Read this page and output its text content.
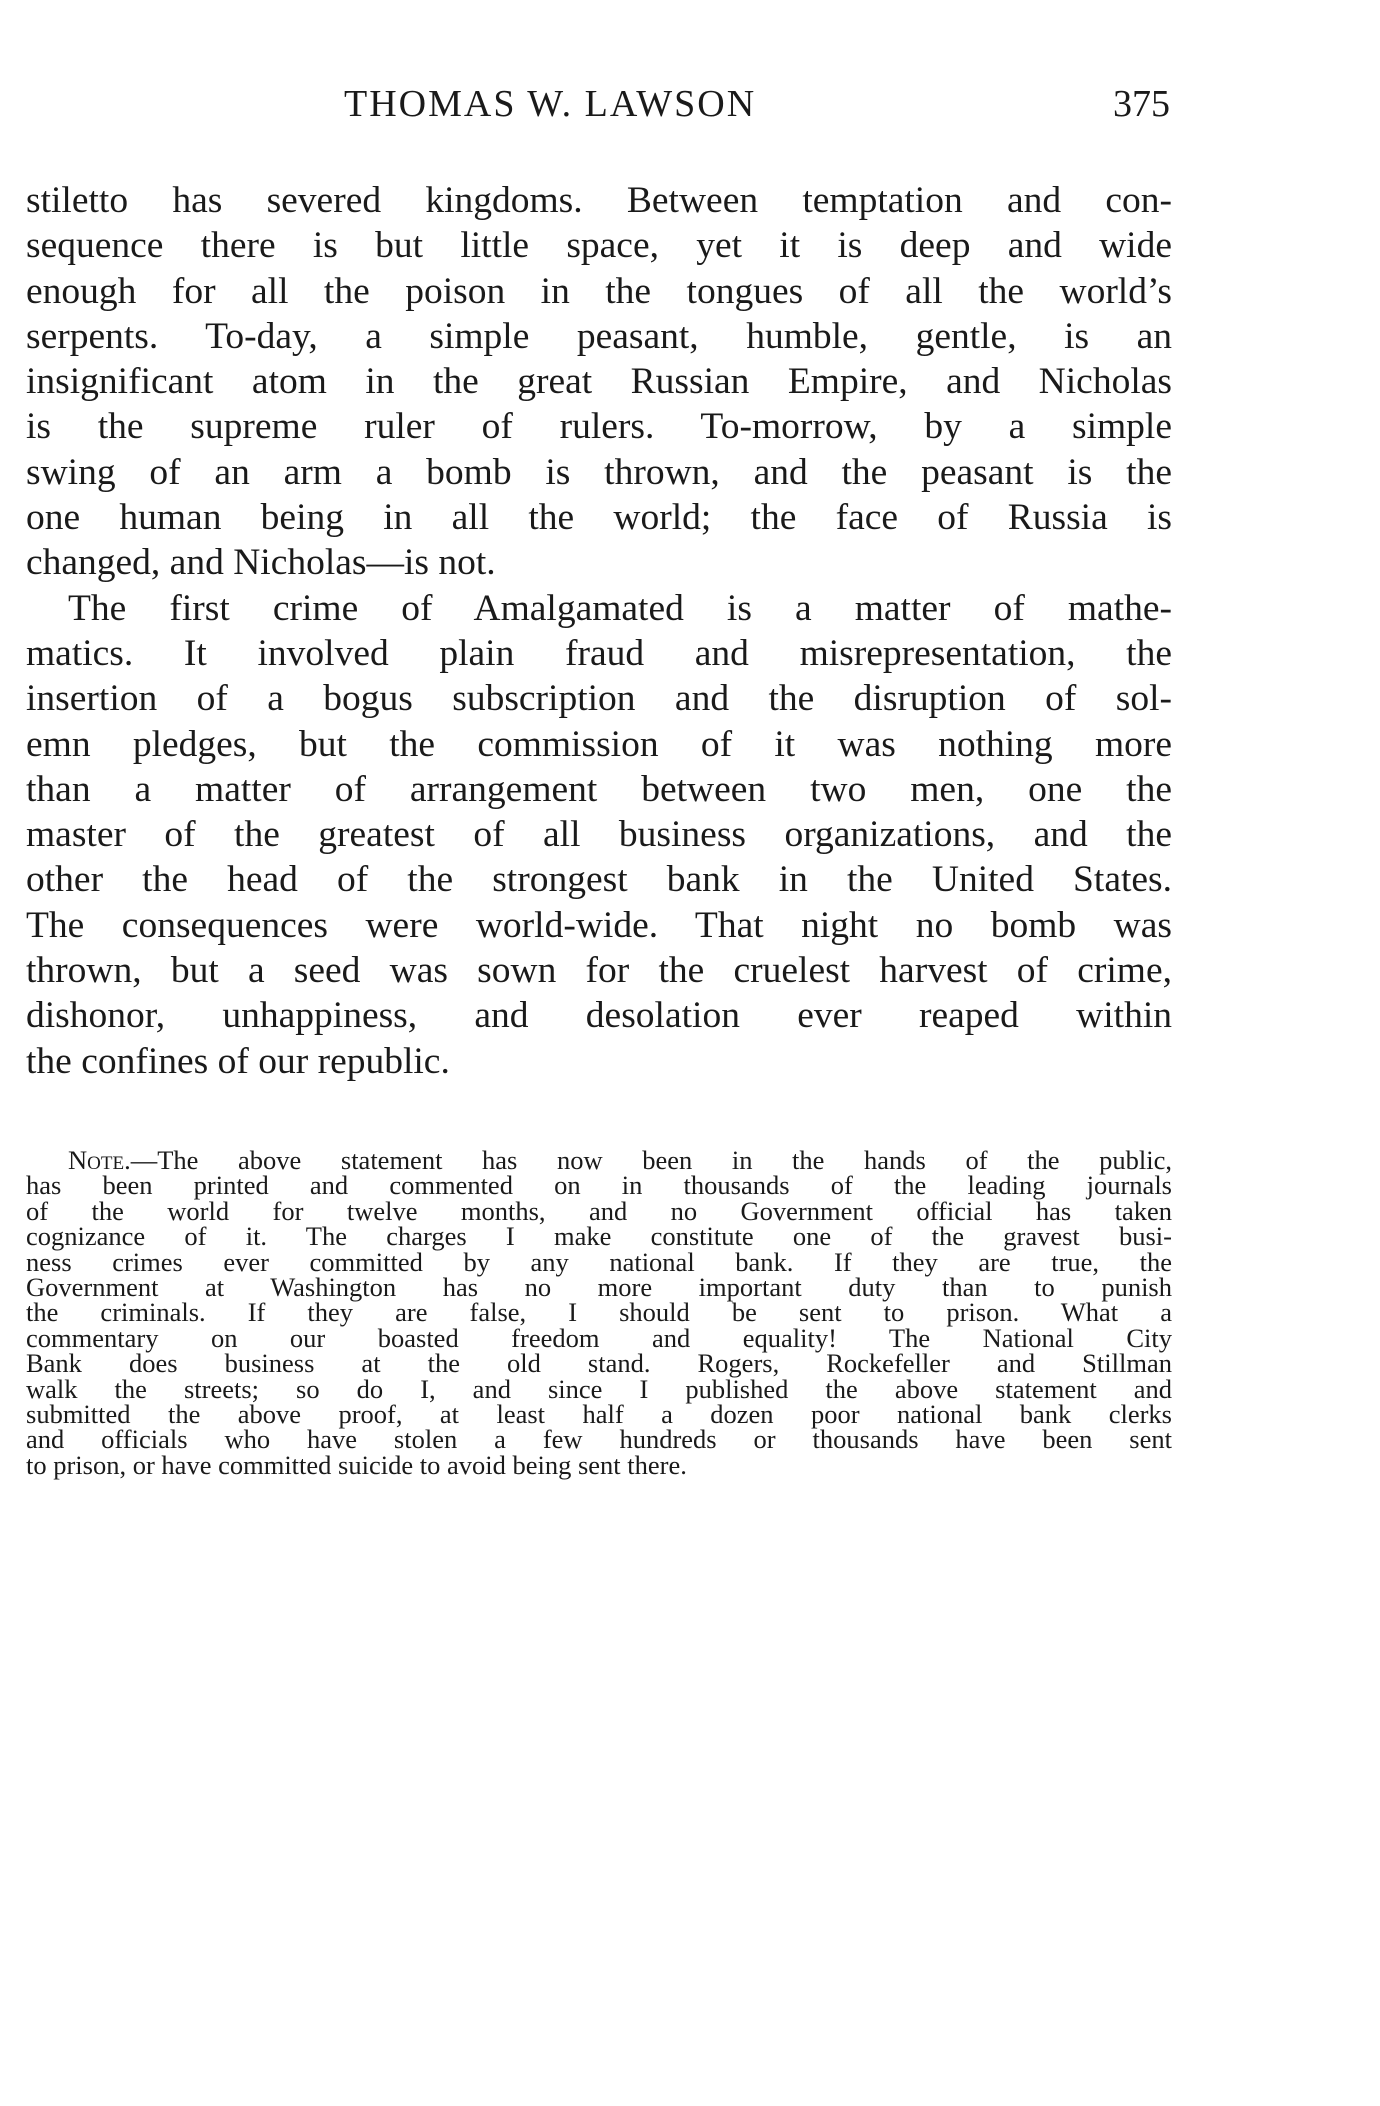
THOMAS W. LAWSON	375
stiletto has severed kingdoms. Between temptation and con-
sequence there is but little space, yet it is deep and wide
enough for all the poison in the tongues of all the world’s
serpents. To-day, a simple peasant, humble, gentle, is an
insignificant atom in the great Russian Empire, and Nicholas
is the supreme ruler of rulers. To-morrow, by a simple
swing of an arm a bomb is thrown, and the peasant is the
one human being in all the world; the face of Russia is
changed, and Nicholas—is not.
The first crime of Amalgamated is a matter of mathe-
matics. It involved plain fraud and misrepresentation, the
insertion of a bogus subscription and the disruption of sol-
emn pledges, but the commission of it was nothing more
than a matter of arrangement between two men, one the
master of the greatest of all business organizations, and the
other the head of the strongest bank in the United States.
The consequences were world-wide. That night no bomb was
thrown, but a seed was sown for the cruelest harvest of crime,
dishonor, unhappiness, and desolation ever reaped within
the confines of our republic.
Note.—The above statement has now been in the hands of the public,
has been printed and commented on in thousands of the leading journals
of the world for twelve months, and no Government official has taken
cognizance of it. The charges I make constitute one of the gravest busi-
ness crimes ever committed by any national bank. If they are true, the
Government at Washington has no more important duty than to punish
the criminals. If they are false, I should be sent to prison. What a
commentary on our boasted freedom and equality! The National City
Bank does business at the old stand. Rogers, Rockefeller and Stillman
walk the streets; so do I, and since I published the above statement and
submitted the above proof, at least half a dozen poor national bank clerks
and officials who have stolen a few hundreds or thousands have been sent
to prison, or have committed suicide to avoid being sent there.
